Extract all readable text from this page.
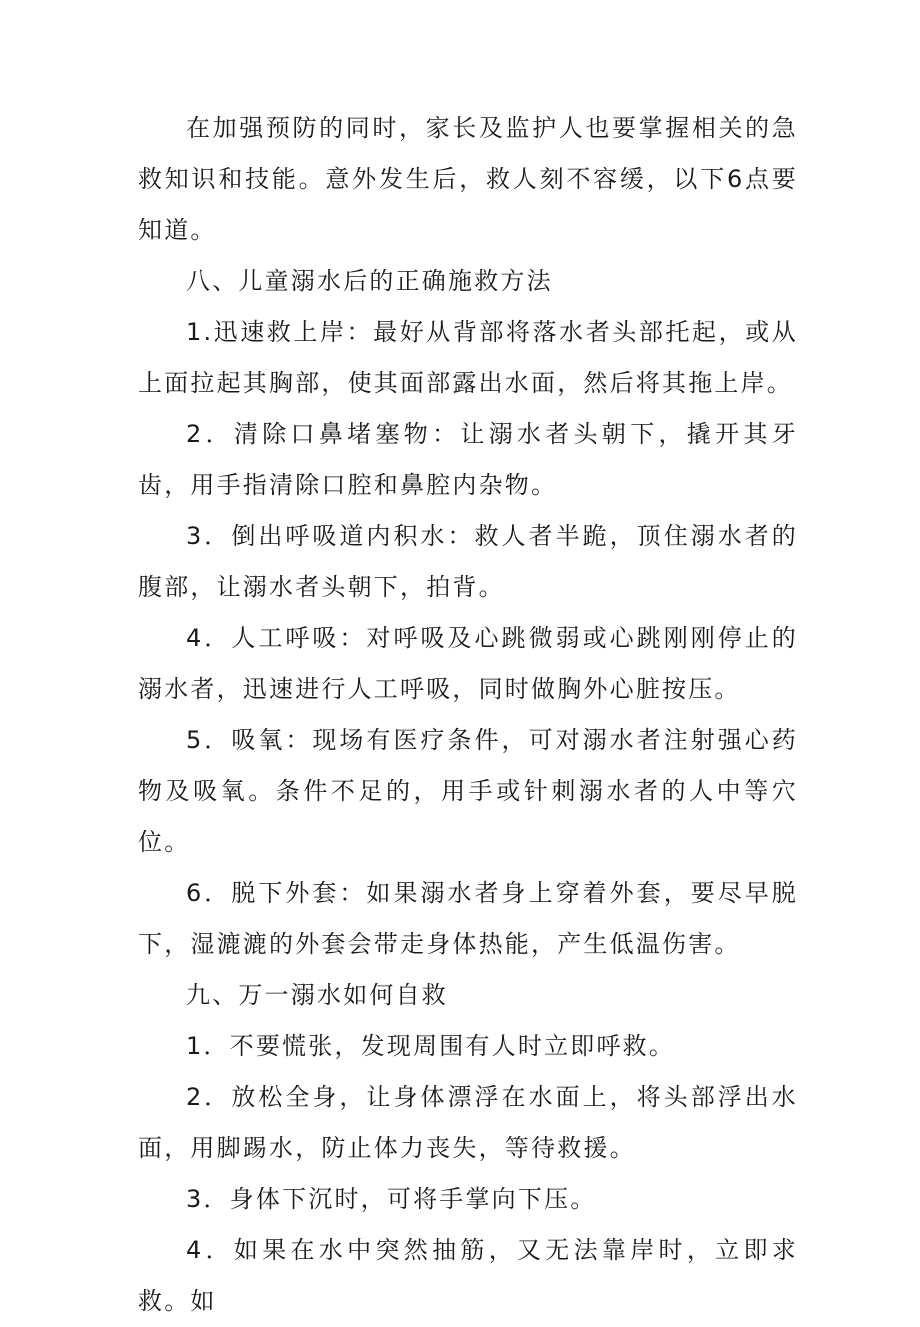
在加强预防的同时，家长及监护人也要掌握相关的急救知识和技能。意外发生后，救人刻不容缓，以下6点要知道。

八、儿童溺水后的正确施救方法

1.迅速救上岸：最好从背部将落水者头部托起，或从上面拉起其胸部，使其面部露出水面，然后将其拖上岸。

2．清除口鼻堵塞物：让溺水者头朝下，撬开其牙齿，用手指清除口腔和鼻腔内杂物。

3．倒出呼吸道内积水：救人者半跪，顶住溺水者的腹部，让溺水者头朝下，拍背。

4．人工呼吸：对呼吸及心跳微弱或心跳刚刚停止的溺水者，迅速进行人工呼吸，同时做胸外心脏按压。

5．吸氧：现场有医疗条件，可对溺水者注射强心药物及吸氧。条件不足的，用手或针刺溺水者的人中等穴位。

6．脱下外套：如果溺水者身上穿着外套，要尽早脱下，湿漉漉的外套会带走身体热能，产生低温伤害。

九、万一溺水如何自救

1．不要慌张，发现周围有人时立即呼救。

2．放松全身，让身体漂浮在水面上，将头部浮出水面，用脚踢水，防止体力丧失，等待救援。

3．身体下沉时，可将手掌向下压。

4．如果在水中突然抽筋，又无法靠岸时，立即求救。如
